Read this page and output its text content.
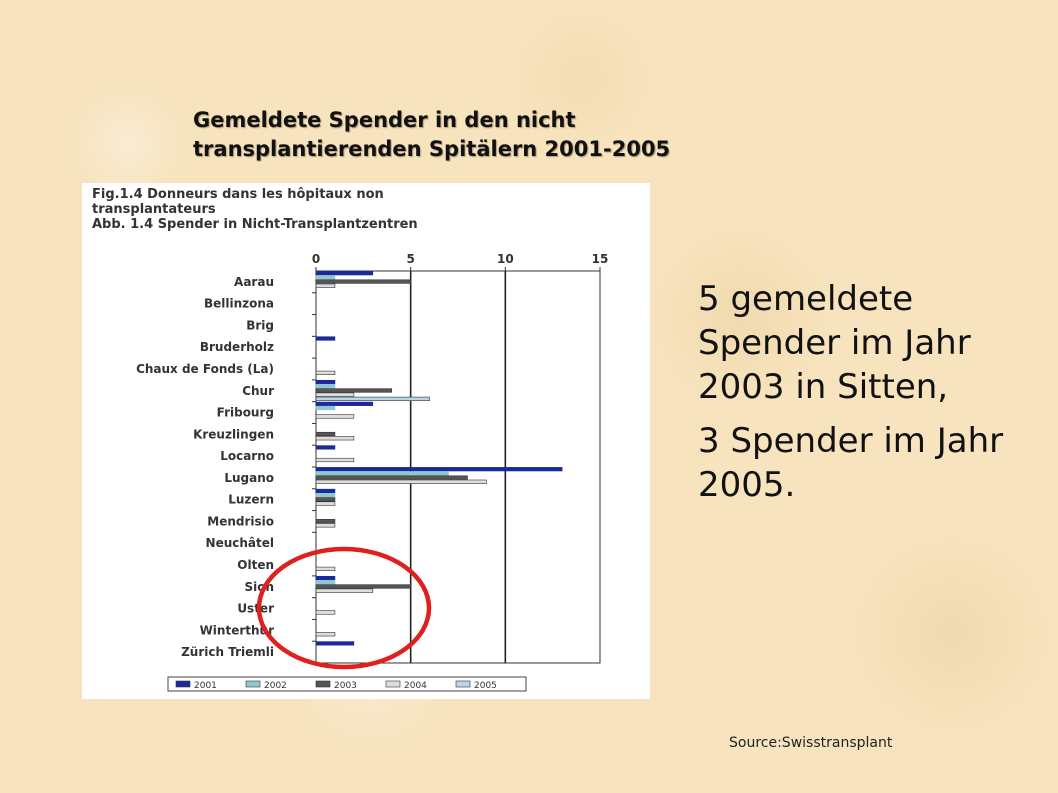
Gemeldete Spender in den nicht
transplantierenden Spitälern 2001-2005
Fig.1.4 Donneurs dans les hôpitaux non
transplantateurs
Abb. 1.4 Spender in Nicht-Transplantzentren
0	5	10	15
Aarau
Bellinzona
Brig
Bruderholz
Chaux de Fonds (La)
Chur
Fribourg
Kreuzlingen
Locarno
Lugano
Luzern
Mendrisio
Neuchâtel
Olten
Sion
Uster
Winterthur
Zürich Triemli
2001	2002	2003	2004	2005

5 gemeldete Spender im Jahr 2003 in Sitten,

3 Spender im Jahr 2005.

Source:Swisstransplant
